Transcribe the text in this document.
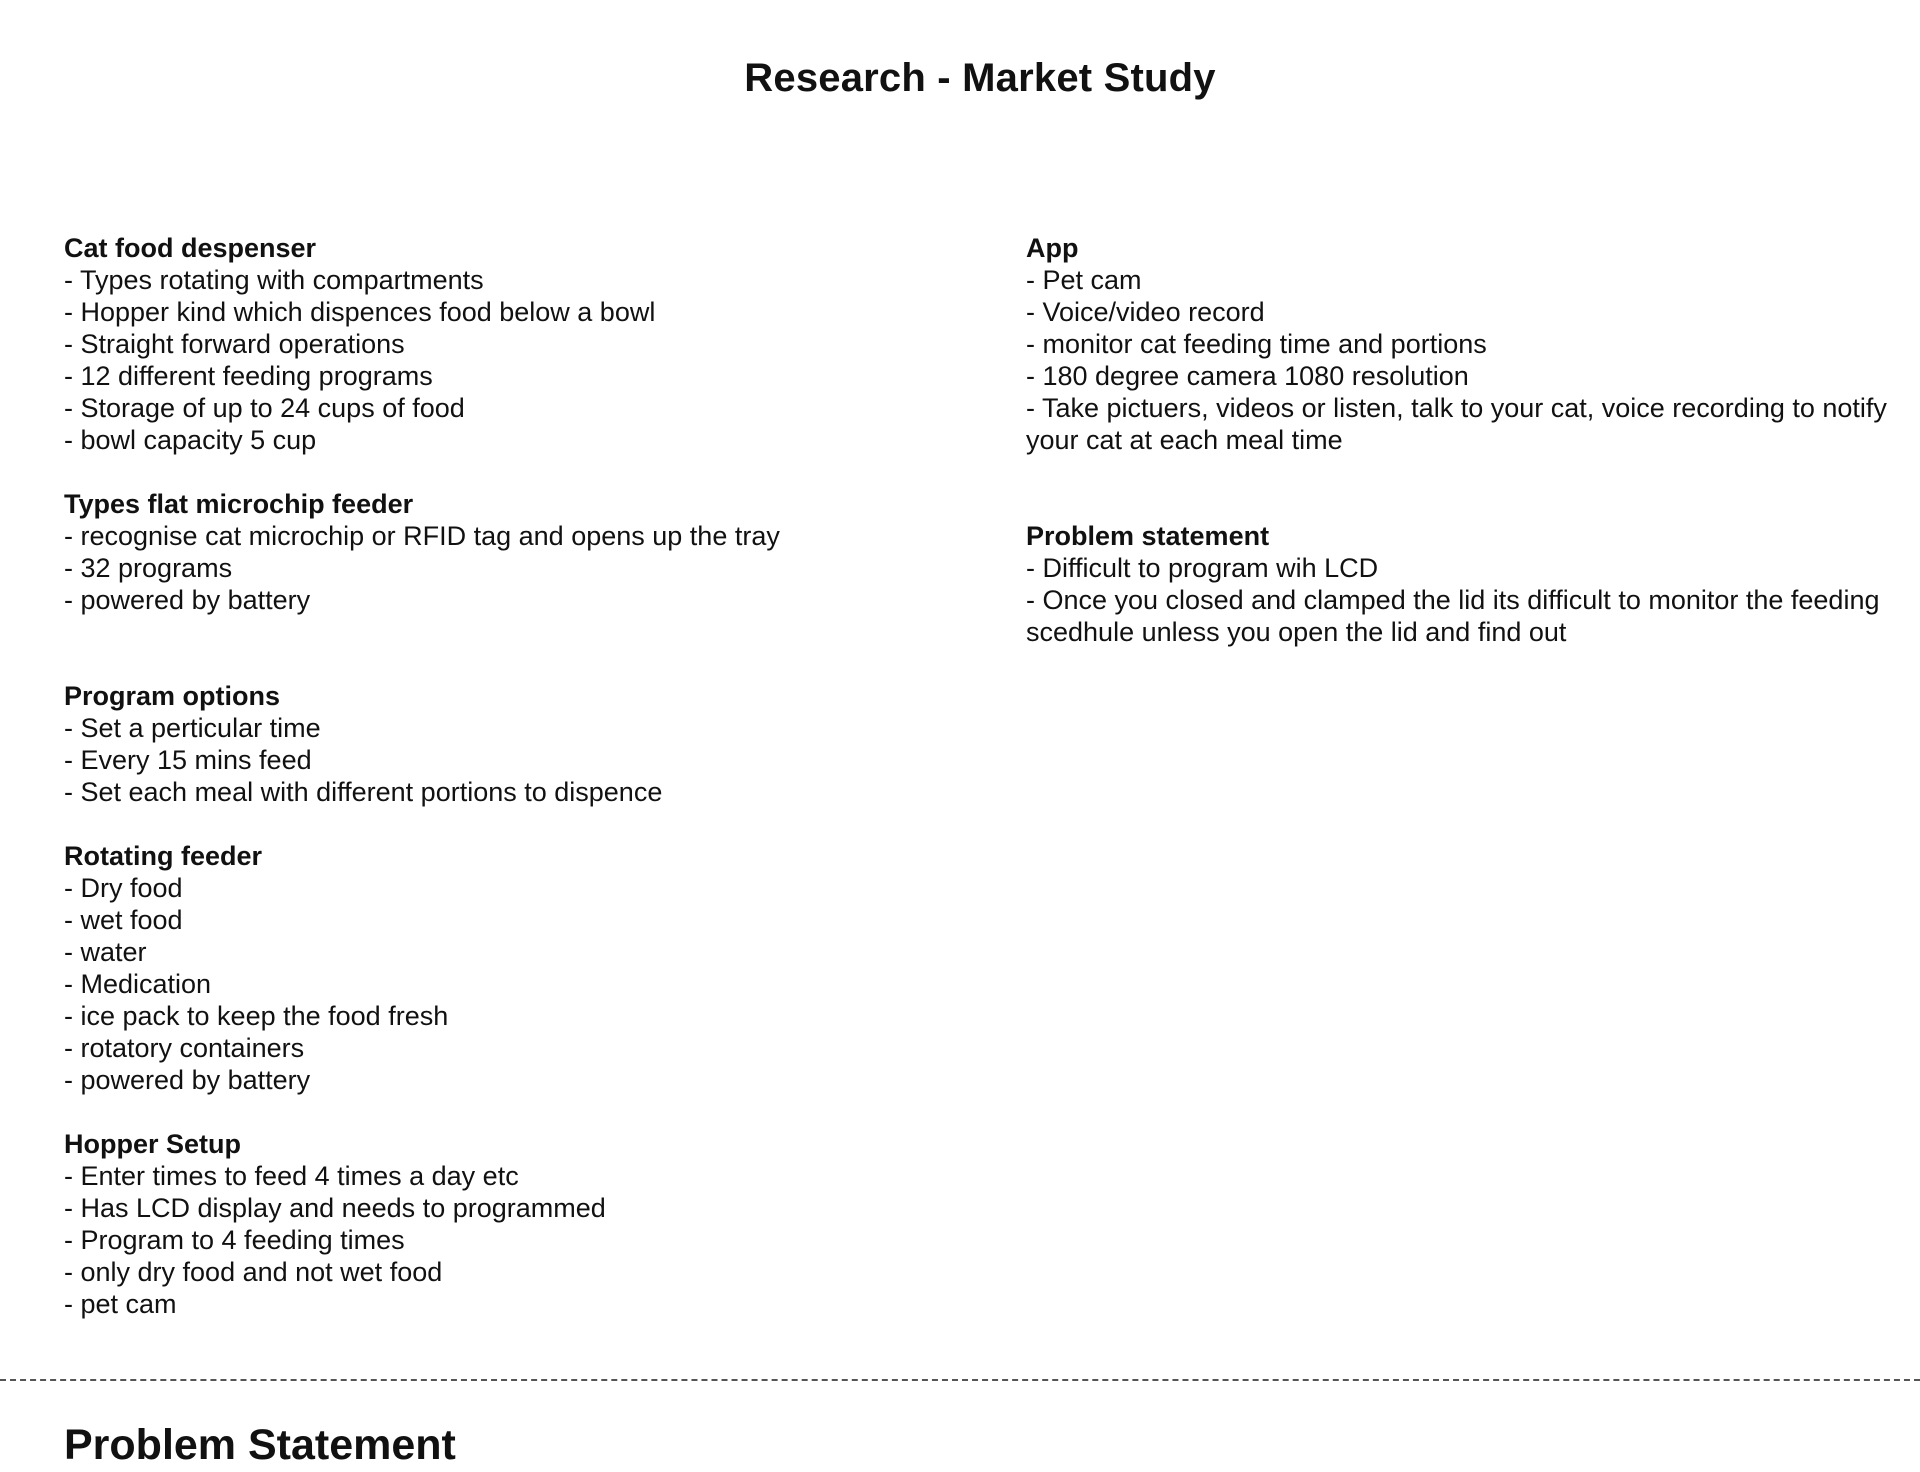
Research - Market Study

Cat food despenser

- Types rotating with compartments

- Hopper kind which dispences food below a bowl

- Straight forward operations

- 12 different feeding programs

- Storage of up to 24 cups of food

- bowl capacity 5 cup

Types flat microchip feeder

- recognise cat microchip or RFID tag and opens up the tray

- 32 programs

- powered by battery

Program options

- Set a perticular time

- Every 15 mins feed

- Set each meal with different portions to dispence

Rotating feeder

- Dry food

- wet food

- water

- Medication

- ice pack to keep the food fresh

- rotatory containers

- powered by battery

Hopper Setup

- Enter times to feed 4 times a day etc

- Has LCD display and needs to programmed

- Program to 4 feeding times

- only dry food and not wet food

- pet cam

App

- Pet cam

- Voice/video record

- monitor cat feeding time and portions

- 180 degree camera 1080 resolution

- Take pictuers, videos or listen, talk to your cat, voice recording to notify your cat at each meal time

Problem statement

- Difficult to program wih LCD

- Once you closed and clamped the lid its difficult to monitor the feeding scedhule unless you open the lid and find out

Problem Statement
